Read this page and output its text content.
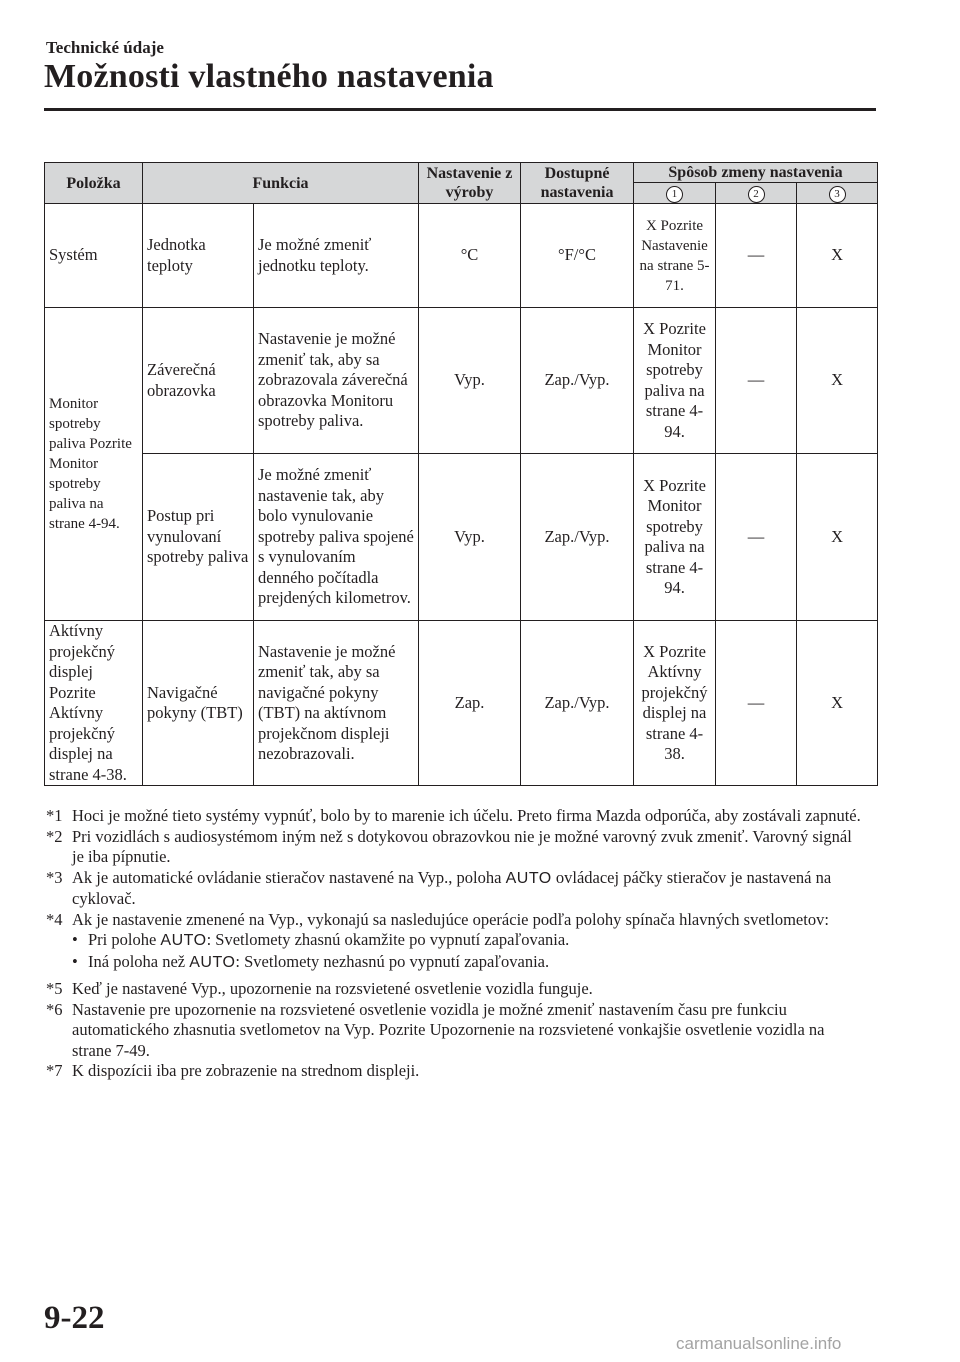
Technické údaje
Možnosti vlastného nastavenia
Položka	Funkcia		Nastavenie z výroby	Dostupné nastavenia	Spôsob zmeny nastavenia		
					1	2	3
Systém	Jednotka teploty	Je možné zmeniť jednotku teploty.	°C	°F/°C	X Pozrite Nastavenie na strane 5-71.	—	X
Monitor spotreby paliva Pozrite Monitor spotreby paliva na strane 4-94.	Záverečná obrazovka	Nastavenie je možné zmeniť tak, aby sa zobrazovala záverečná obrazovka Monitoru spotreby paliva.	Vyp.	Zap./Vyp.	X Pozrite Monitor spotreby paliva na strane 4-94.	—	X
	Postup pri vynulovaní spotreby paliva	Je možné zmeniť nastavenie tak, aby bolo vynulovanie spotreby paliva spojené s vynulovaním denného počítadla prejdených kilometrov.	Vyp.	Zap./Vyp.	X Pozrite Monitor spotreby paliva na strane 4-94.	—	X
Aktívny projekčný displej Pozrite Aktívny projekčný displej na strane 4-38.	Navigačné pokyny (TBT)	Nastavenie je možné zmeniť tak, aby sa navigačné pokyny (TBT) na aktívnom projekčnom displeji nezobrazovali.	Zap.	Zap./Vyp.	X Pozrite Aktívny projekčný displej na strane 4-38.	—	X
*1 Hoci je možné tieto systémy vypnúť, bolo by to marenie ich účelu. Preto firma Mazda odporúča, aby zostávali zapnuté.
*2 Pri vozidlách s audiosystémom iným než s dotykovou obrazovkou nie je možné varovný zvuk zmeniť. Varovný signál je iba pípnutie.
*3 Ak je automatické ovládanie stieračov nastavené na Vyp., poloha AUTO ovládacej páčky stieračov je nastavená na cyklovač.
*4 Ak je nastavenie zmenené na Vyp., vykonajú sa nasledujúce operácie podľa polohy spínača hlavných svetlometov:
• Pri polohe AUTO: Svetlomety zhasnú okamžite po vypnutí zapaľovania.
• Iná poloha než AUTO: Svetlomety nezhasnú po vypnutí zapaľovania.
*5 Keď je nastavené Vyp., upozornenie na rozsvietené osvetlenie vozidla funguje.
*6 Nastavenie pre upozornenie na rozsvietené osvetlenie vozidla je možné zmeniť nastavením času pre funkciu automatického zhasnutia svetlometov na Vyp. Pozrite Upozornenie na rozsvietené vonkajšie osvetlenie vozidla na strane 7-49.
*7 K dispozícii iba pre zobrazenie na strednom displeji.
9-22
carmanualsonline.info
